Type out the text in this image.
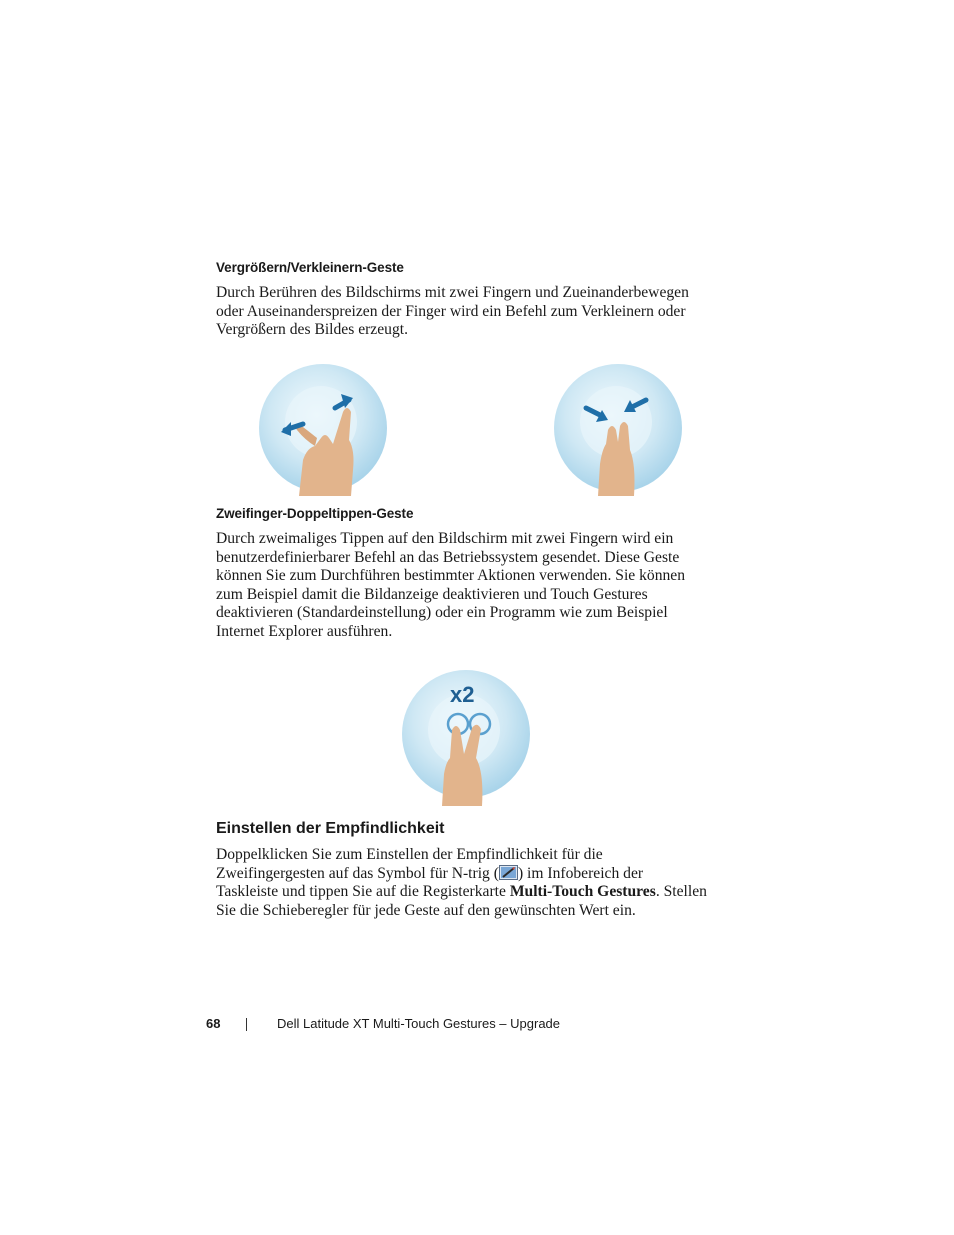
Vergrößern/Verkleinern-Geste

Durch Berühren des Bildschirms mit zwei Fingern und Zueinanderbewegen
oder Auseinanderspreizen der Finger wird ein Befehl zum Verkleinern oder
Vergrößern des Bildes erzeugt.

Zweifinger-Doppeltippen-Geste

Durch zweimaliges Tippen auf den Bildschirm mit zwei Fingern wird ein
benutzerdefinierbarer Befehl an das Betriebssystem gesendet. Diese Geste
können Sie zum Durchführen bestimmter Aktionen verwenden. Sie können
zum Beispiel damit die Bildanzeige deaktivieren und Touch Gestures
deaktivieren (Standardeinstellung) oder ein Programm wie zum Beispiel
Internet Explorer ausführen.

x2
Einstellen der Empfindlichkeit

Doppelklicken Sie zum Einstellen der Empfindlichkeit für die
Zweifingergesten auf das Symbol für N-trig ( ) im Infobereich der
Taskleiste und tippen Sie auf die Registerkarte Multi-Touch Gestures. Stellen
Sie die Schieberegler für jede Geste auf den gewünschten Wert ein.

68	Dell Latitude XT Multi-Touch Gestures – Upgrade
